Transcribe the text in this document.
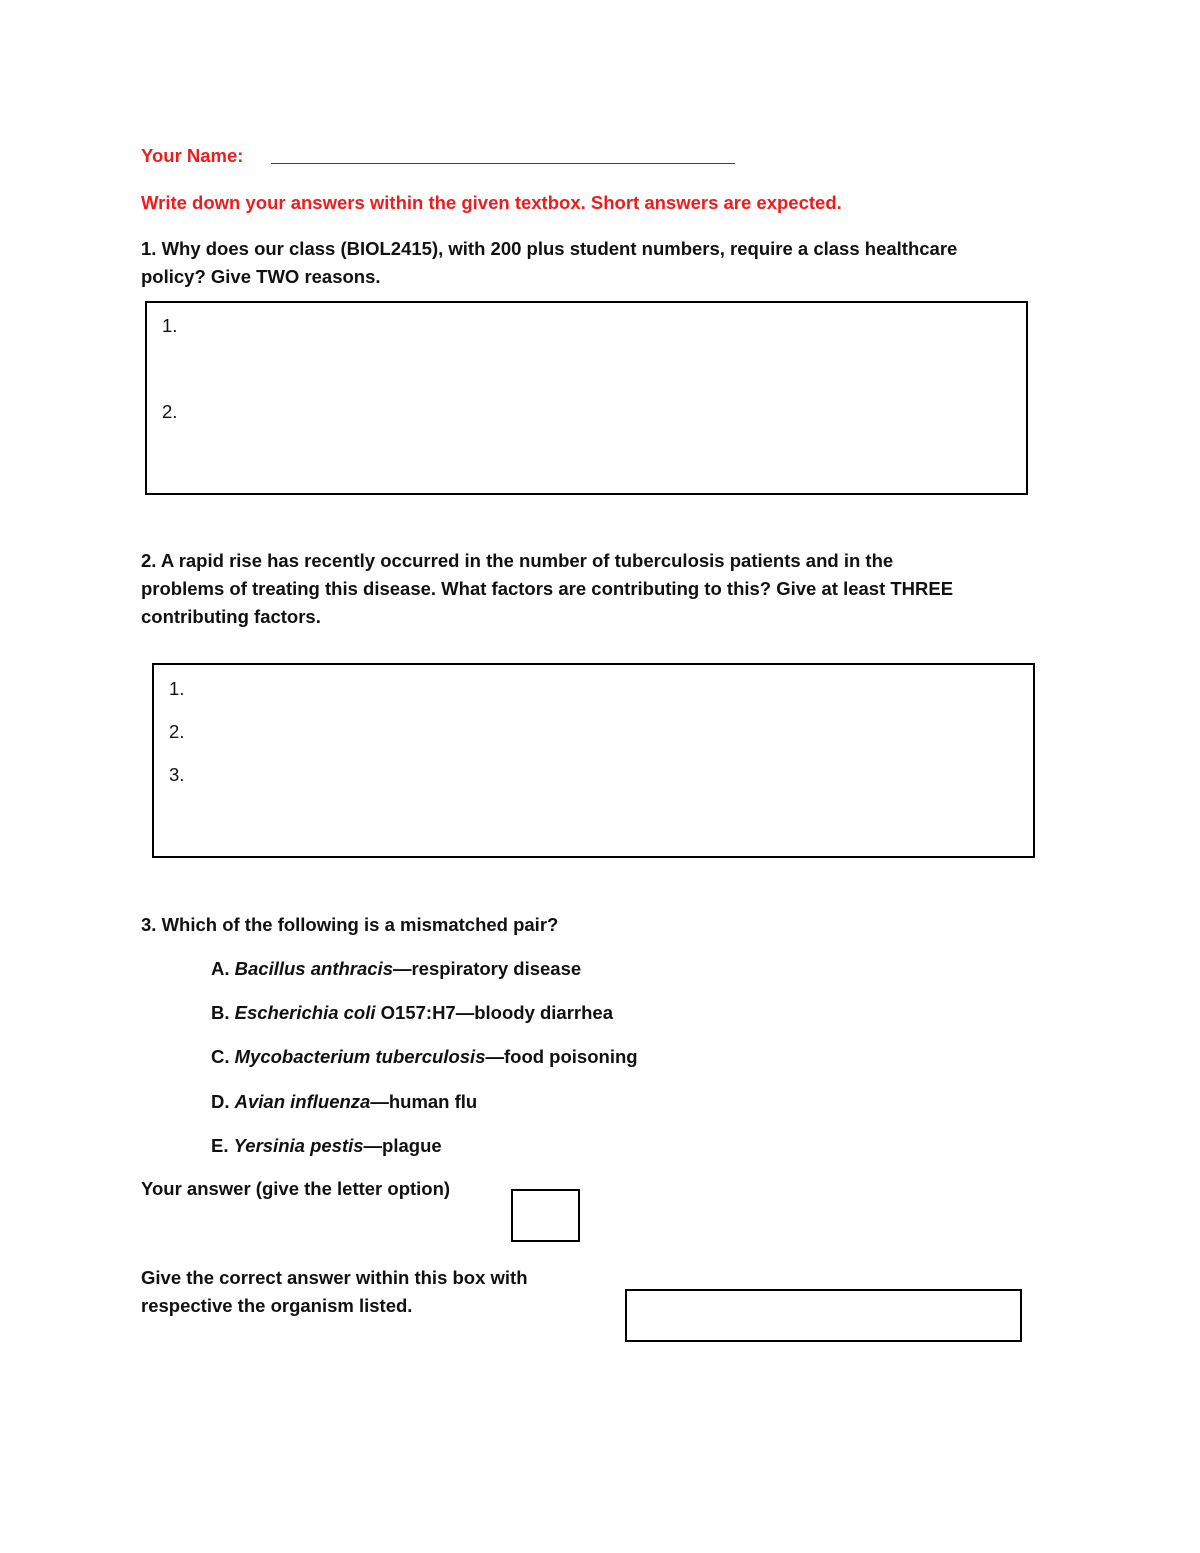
Your Name:
Write down your answers within the given textbox. Short answers are expected.
1. Why does our class (BIOL2415), with 200 plus student numbers, require a class healthcare
policy? Give TWO reasons.
1.
2.
2. A rapid rise has recently occurred in the number of tuberculosis patients and in the
problems of treating this disease. What factors are contributing to this? Give at least THREE
contributing factors.
1.
2.
3.
3. Which of the following is a mismatched pair?
A. Bacillus anthracis—respiratory disease
B. Escherichia coli O157:H7—bloody diarrhea
C. Mycobacterium tuberculosis—food poisoning
D. Avian influenza—human flu
E. Yersinia pestis—plague
Your answer (give the letter option)
Give the correct answer within this box with
respective the organism listed.
